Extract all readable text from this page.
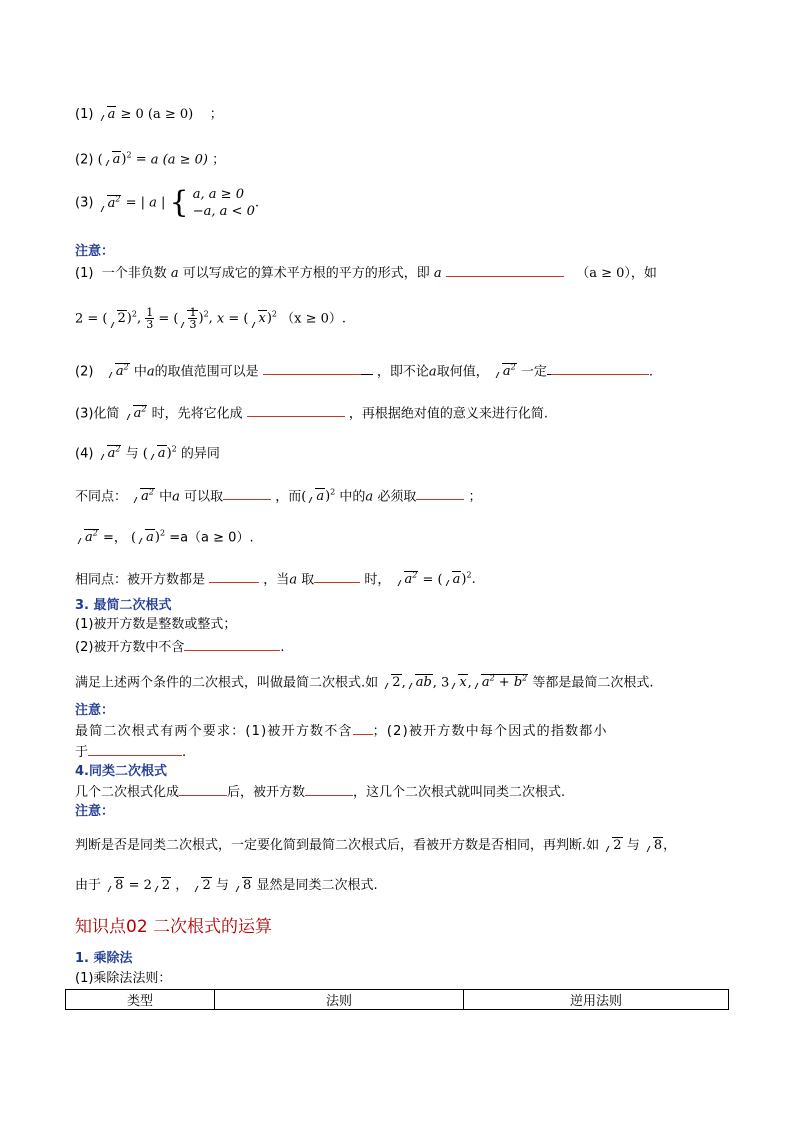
(1) a ≥ 0 (a ≥ 0) ；
(2) ( a)$^2$ = a (a ≥ 0) ；
(3) $a^2$ = | a | { a, a ≥ 0
−a, a < 0
.
注意：
(1) 一个非负数 a 可以写成它的算术平方根的平方的形式，即 a	（a ≥ 0），如
2 = ( 2)$^2$, $\frac{1}{3}$ = ( $\frac{1}{3} )^2$, x = ( x)$^2$ （x ≥ 0）.
(2) $a^2$ 中a的取值范围可以是	，即不论a取何值， $a^2$ 一定	.
(3)化简 $a^2$ 时，先将它化成	，再根据绝对值的意义来进行化简.
(4) $a^2$ 与 ( a)$^2$ 的异同
不同点： $a^2$ 中a 可以取	，而( a)$^2$ 中的a 必须取	；
$a^2$ =， ( a)$^2$ =a（a ≥ 0）.
相同点：被开方数都是	，当a 取	时， $a^2$ = ( a)$^2$.
3. 最简二次根式
(1)被开方数是整数或整式；
(2)被开方数中不含	.
满足上述两个条件的二次根式，叫做最简二次根式.如 2, ab, 3 x, $a^2 + b^2$ 等都是最简二次根式.
注意：
最简二次根式有两个要求：(1)被开方数不含 ；(2)被开方数中每个因式的指数都小
于	.
4.同类二次根式
几个二次根式化成	后，被开方数	，这几个二次根式就叫同类二次根式.
注意：
判断是否是同类二次根式，一定要化简到最简二次根式后，看被开方数是否相同，再判断.如 2 与 8，
由于 8 = 2 2 ， 2 与 8 显然是同类二次根式.
知识点02 二次根式的运算
1. 乘除法
(1)乘除法法则：
类型	法则	逆用法则
